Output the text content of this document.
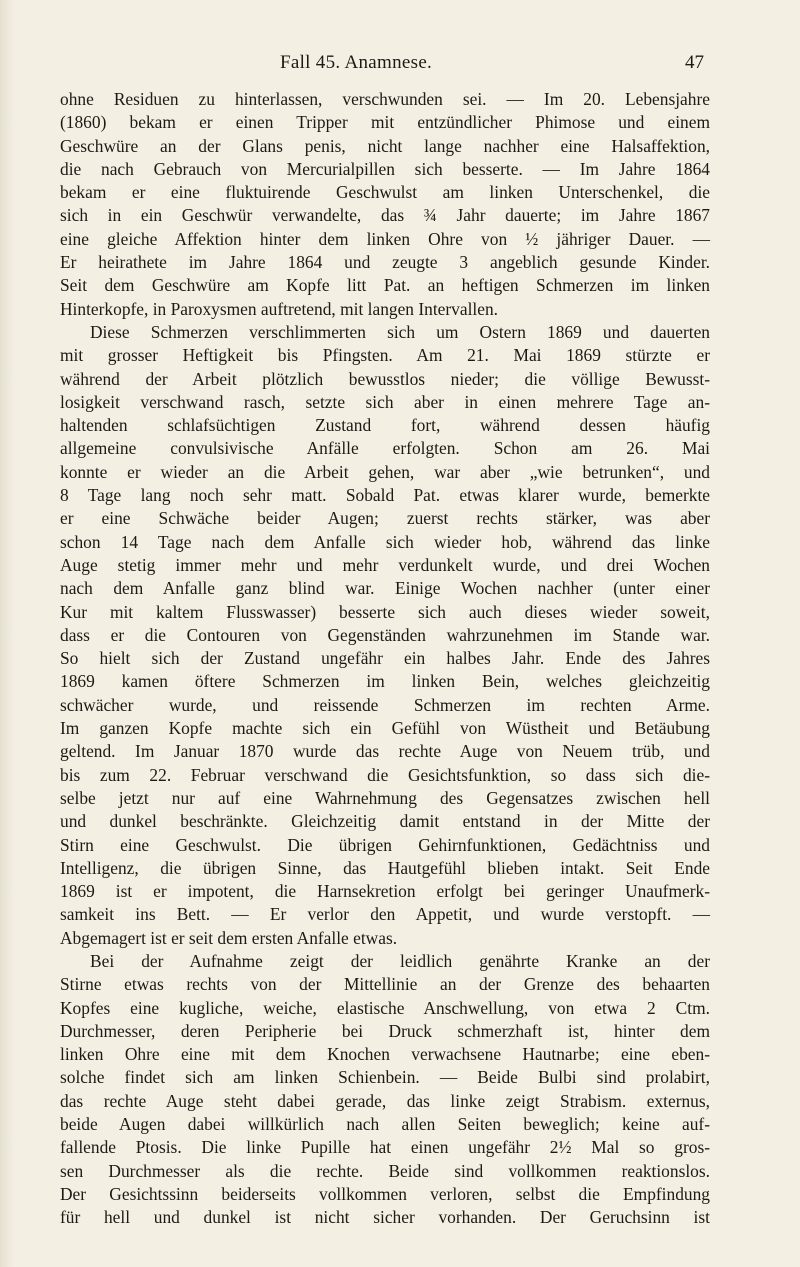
Fall 45. Anamnese.	47
ohne Residuen zu hinterlassen, verschwunden sei. — Im 20. Lebensjahre
(1860) bekam er einen Tripper mit entzündlicher Phimose und einem
Geschwüre an der Glans penis, nicht lange nachher eine Halsaffektion,
die nach Gebrauch von Mercurialpillen sich besserte. — Im Jahre 1864
bekam er eine fluktuirende Geschwulst am linken Unterschenkel, die
sich in ein Geschwür verwandelte, das ¾ Jahr dauerte; im Jahre 1867
eine gleiche Affektion hinter dem linken Ohre von ½ jähriger Dauer. —
Er heirathete im Jahre 1864 und zeugte 3 angeblich gesunde Kinder.
Seit dem Geschwüre am Kopfe litt Pat. an heftigen Schmerzen im linken
Hinterkopfe, in Paroxysmen auftretend, mit langen Intervallen.
Diese Schmerzen verschlimmerten sich um Ostern 1869 und dauerten
mit grosser Heftigkeit bis Pfingsten. Am 21. Mai 1869 stürzte er
während der Arbeit plötzlich bewusstlos nieder; die völlige Bewusst-
losigkeit verschwand rasch, setzte sich aber in einen mehrere Tage an-
haltenden schlafsüchtigen Zustand fort, während dessen häufig
allgemeine convulsivische Anfälle erfolgten. Schon am 26. Mai
konnte er wieder an die Arbeit gehen, war aber „wie betrunken“, und
8 Tage lang noch sehr matt. Sobald Pat. etwas klarer wurde, bemerkte
er eine Schwäche beider Augen; zuerst rechts stärker, was aber
schon 14 Tage nach dem Anfalle sich wieder hob, während das linke
Auge stetig immer mehr und mehr verdunkelt wurde, und drei Wochen
nach dem Anfalle ganz blind war. Einige Wochen nachher (unter einer
Kur mit kaltem Flusswasser) besserte sich auch dieses wieder soweit,
dass er die Contouren von Gegenständen wahrzunehmen im Stande war.
So hielt sich der Zustand ungefähr ein halbes Jahr. Ende des Jahres
1869 kamen öftere Schmerzen im linken Bein, welches gleichzeitig
schwächer wurde, und reissende Schmerzen im rechten Arme.
Im ganzen Kopfe machte sich ein Gefühl von Wüstheit und Betäubung
geltend. Im Januar 1870 wurde das rechte Auge von Neuem trüb, und
bis zum 22. Februar verschwand die Gesichtsfunktion, so dass sich die-
selbe jetzt nur auf eine Wahrnehmung des Gegensatzes zwischen hell
und dunkel beschränkte. Gleichzeitig damit entstand in der Mitte der
Stirn eine Geschwulst. Die übrigen Gehirnfunktionen, Gedächtniss und
Intelligenz, die übrigen Sinne, das Hautgefühl blieben intakt. Seit Ende
1869 ist er impotent, die Harnsekretion erfolgt bei geringer Unaufmerk-
samkeit ins Bett. — Er verlor den Appetit, und wurde verstopft. —
Abgemagert ist er seit dem ersten Anfalle etwas.
Bei der Aufnahme zeigt der leidlich genährte Kranke an der
Stirne etwas rechts von der Mittellinie an der Grenze des behaarten
Kopfes eine kugliche, weiche, elastische Anschwellung, von etwa 2 Ctm.
Durchmesser, deren Peripherie bei Druck schmerzhaft ist, hinter dem
linken Ohre eine mit dem Knochen verwachsene Hautnarbe; eine eben-
solche findet sich am linken Schienbein. — Beide Bulbi sind prolabirt,
das rechte Auge steht dabei gerade, das linke zeigt Strabism. externus,
beide Augen dabei willkürlich nach allen Seiten beweglich; keine auf-
fallende Ptosis. Die linke Pupille hat einen ungefähr 2½ Mal so gros-
sen Durchmesser als die rechte. Beide sind vollkommen reaktionslos.
Der Gesichtssinn beiderseits vollkommen verloren, selbst die Empfindung
für hell und dunkel ist nicht sicher vorhanden. Der Geruchsinn ist
